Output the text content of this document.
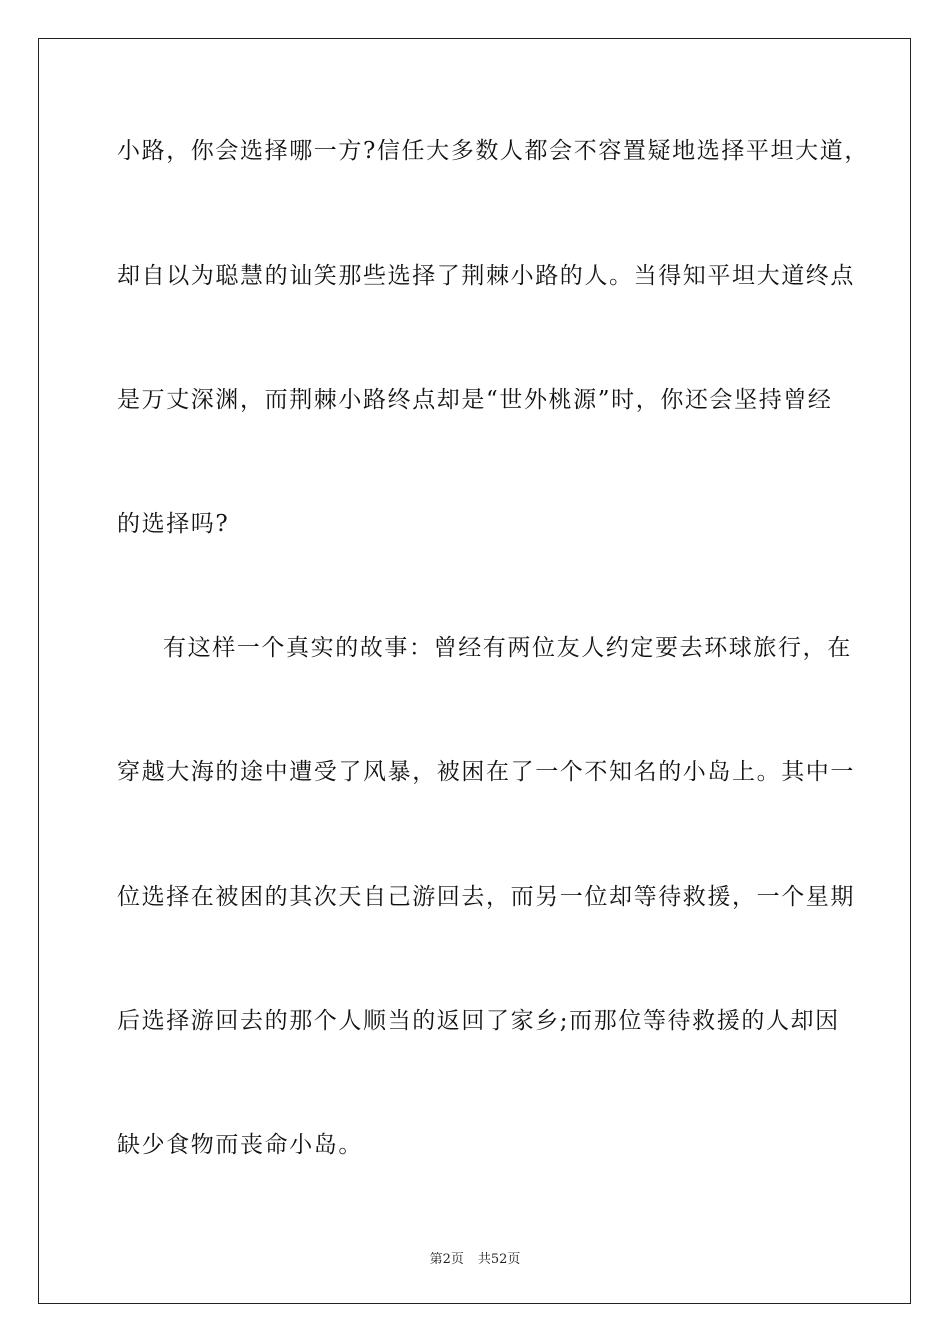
小路，你会选择哪一方?信任大多数人都会不容置疑地选择平坦大道，
却自以为聪慧的讪笑那些选择了荆棘小路的人。当得知平坦大道终点
是万丈深渊，而荆棘小路终点却是“世外桃源”时，你还会坚持曾经
的选择吗?
有这样一个真实的故事：曾经有两位友人约定要去环球旅行，在
穿越大海的途中遭受了风暴，被困在了一个不知名的小岛上。其中一
位选择在被困的其次天自己游回去，而另一位却等待救援，一个星期
后选择游回去的那个人顺当的返回了家乡;而那位等待救援的人却因
缺少食物而丧命小岛。
第2页 共52页
